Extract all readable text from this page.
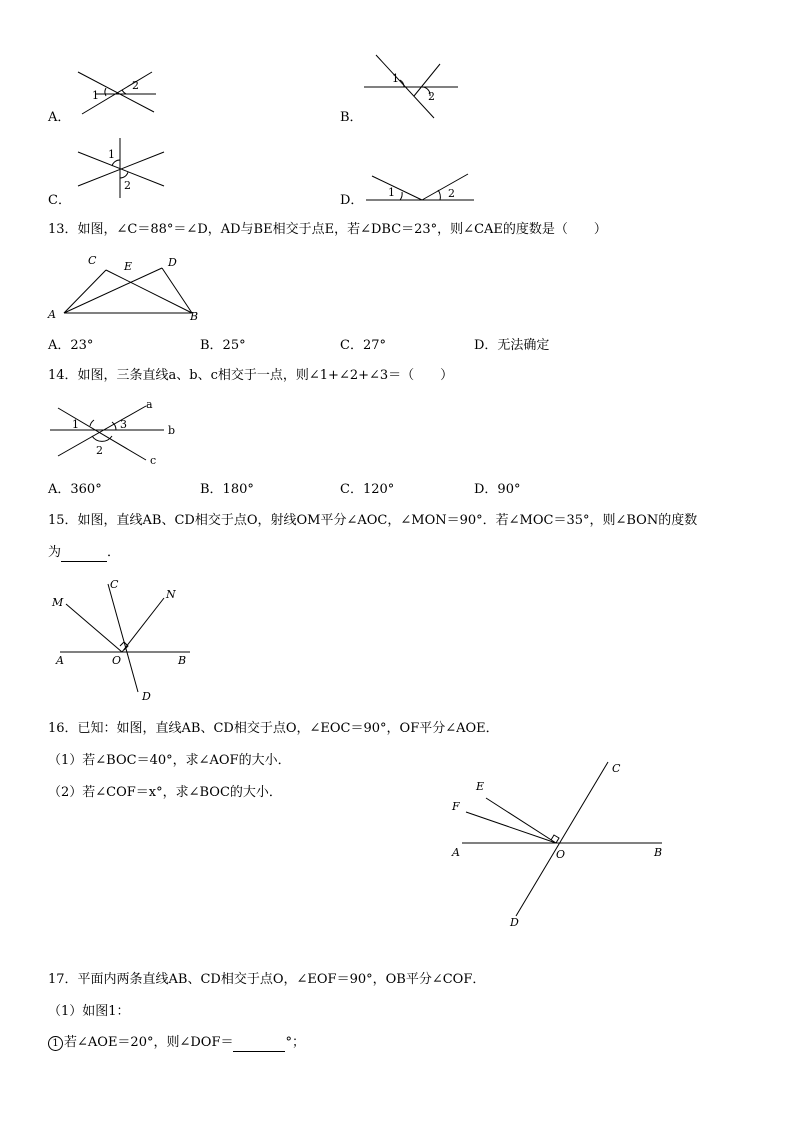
1
2
A．
1
2
B．
1
2
C．
1	2
D．
13．如图，∠C＝88°＝∠D，AD与BE相交于点E，若∠DBC＝23°，则∠CAE的度数是（　　）
C	E	D
A	B
A．23°	B．25°	C．27°	D．无法确定
14．如图，三条直线a、b、c相交于一点，则∠1+∠2+∠3＝（　　）
1
2
3
a
b
c
A．360°	B．180°	C．120°	D．90°
15．如图，直线AB、CD相交于点O，射线OM平分∠AOC，∠MON＝90°．若∠MOC＝35°，则∠BON的度数
为	．
C
M
N
A	O	B
D
16．已知：如图，直线AB、CD相交于点O，∠EOC＝90°，OF平分∠AOE．
（1）若∠BOC＝40°，求∠AOF的大小．
（2）若∠COF＝x°，求∠BOC的大小．
C
E
F
A	O	B
D
17．平面内两条直线AB、CD相交于点O，∠EOF＝90°，OB平分∠COF．
（1）如图1：
1 若∠AOE＝20°，则∠DOF＝	°；
